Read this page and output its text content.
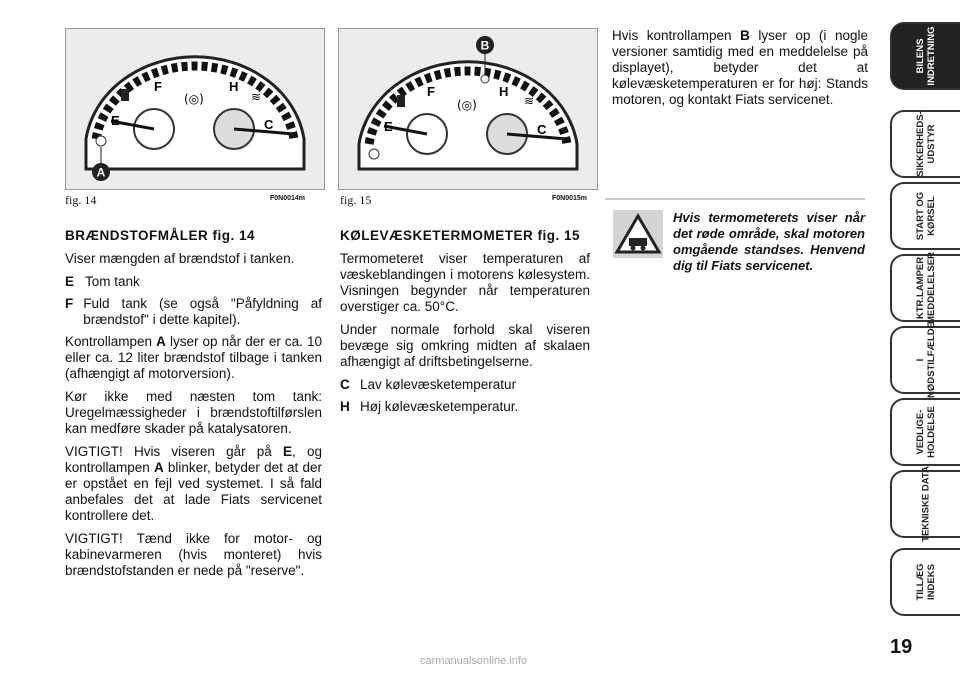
A
E
F	H
C
(◎)	≋
fig. 14	F0N0014m
B
E
F	H
C
(◎)	≋
fig. 15	F0N0015m

BRÆNDSTOFMÅLER fig. 14

Viser mængden af brændstof i tanken.

E Tom tank
F Fuld tank (se også "Påfyldning af brændstof" i dette kapitel).

Kontrollampen A lyser op når der er ca. 10 eller ca. 12 liter brændstof tilbage i tanken (afhængigt af motorversion).

Kør ikke med næsten tom tank: Uregelmæssigheder i brændstoftilførslen kan medføre skader på katalysatoren.

VIGTIGT! Hvis viseren går på E, og kontrollampen A blinker, betyder det at der er opstået en fejl ved systemet. I så fald anbefales det at lade Fiats servicenet kontrollere det.

VIGTIGT! Tænd ikke for motor- og kabinevarmeren (hvis monteret) hvis brændstofstanden er nede på "reserve".

KØLEVÆSKETERMOMETER fig. 15

Termometeret viser temperaturen af væskeblandingen i motorens kølesystem. Visningen begynder når temperaturen overstiger ca. 50°C.

Under normale forhold skal viseren bevæge sig omkring midten af skalaen afhængigt af driftsbetingelserne.

C Lav kølevæsketemperatur
H Høj kølevæsketemperatur.

Hvis kontrollampen B lyser op (i nogle versioner samtidig med en meddelelse på displayet), betyder det at kølevæsketemperaturen er for høj: Stands motoren, og kontakt Fiats servicenet.

Hvis termometerets viser når det røde område, skal motoren omgående standses. Henvend dig til Fiats servicenet.
BILENS
INDRETNING
SIKKERHEDS-
UDSTYR
START OG
KØRSEL
KTR.LAMPER
MEDDELELSER
I
NØDSTILFÆLDE
VEDLIGE-
HOLDELSE
TEKNISKE DATA
TILLÆG
INDEKS
19
carmanualsonline.info
